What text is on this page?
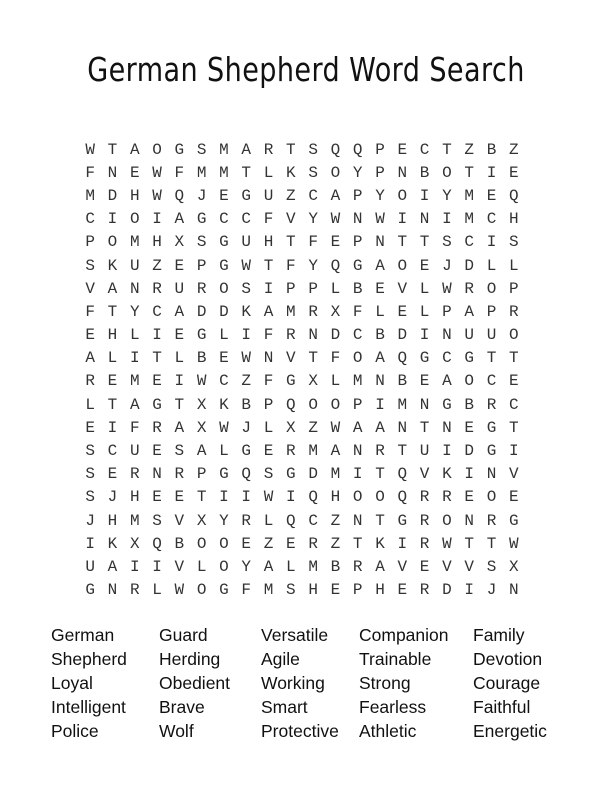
German Shepherd Word Search
W T A O G S M A R T S Q Q P E C T Z B Z
F N E W F M M T L K S O Y P N B O T I E
M D H W Q J E G U Z C A P Y O I Y M E Q
C I O I A G C C F V Y W N W I N I M C H
P O M H X S G U H T F E P N T T S C I S
S K U Z E P G W T F Y Q G A O E J D L L
V A N R U R O S I P P L B E V L W R O P
F T Y C A D D K A M R X F L E L P A P R
E H L I E G L I F R N D C B D I N U U O
A L I T L B E W N V T F O A Q G C G T T
R E M E I W C Z F G X L M N B E A O C E
L T A G T X K B P Q O O P I M N G B R C
E I F R A X W J L X Z W A A N T N E G T
S C U E S A L G E R M A N R T U I D G I
S E R N R P G Q S G D M I T Q V K I N V
S J H E E T I I W I Q H O O Q R R E O E
J H M S V X Y R L Q C Z N T G R O N R G
I K X Q B O O E Z E R Z T K I R W T T W
U A I I V L O Y A L M B R A V E V V S X
G N R L W O G F M S H E P H E R D I J N
German
Shepherd
Loyal
Intelligent
Police
Guard
Herding
Obedient
Brave
Wolf
Versatile
Agile
Working
Smart
Protective
Companion
Trainable
Strong
Fearless
Athletic
Family
Devotion
Courage
Faithful
Energetic
